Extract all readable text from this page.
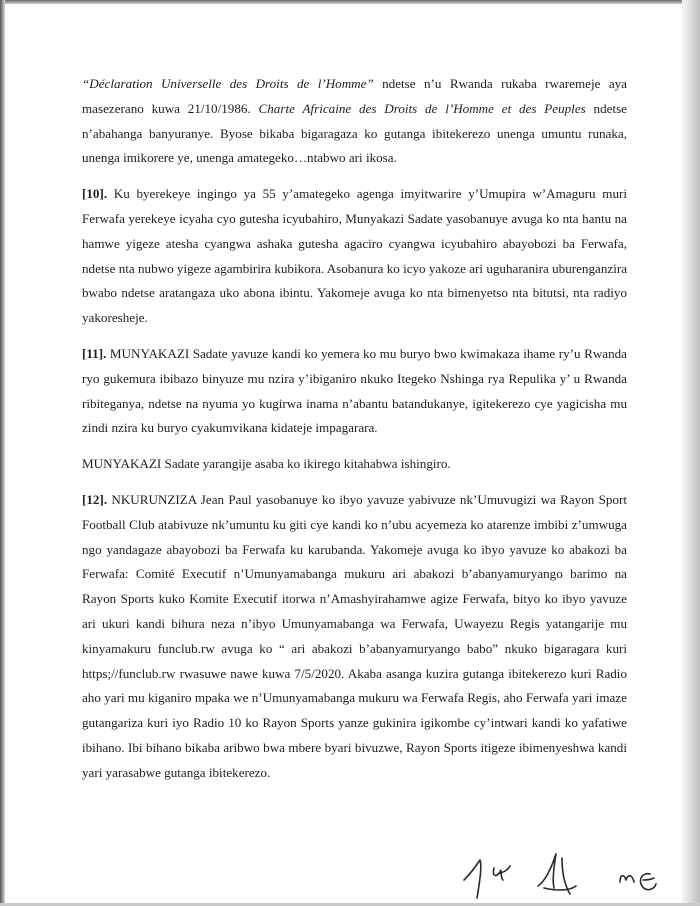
“Déclaration Universelle des Droits de l’Homme” ndetse n’u Rwanda rukaba rwaremeje aya masezerano kuwa 21/10/1986. Charte Africaine des Droits de l’Homme et des Peuples ndetse n’abahanga banyuranye. Byose bikaba bigaragaza ko gutanga ibitekerezo unenga umuntu runaka, unenga imikorere ye, unenga amategeko…ntabwo ari ikosa.

[10]. Ku byerekeye ingingo ya 55 y’amategeko agenga imyitwarire y’Umupira w’Amaguru muri Ferwafa yerekeye icyaha cyo gutesha icyubahiro, Munyakazi Sadate yasobanuye avuga ko nta hantu na hamwe yigeze atesha cyangwa ashaka gutesha agaciro cyangwa icyubahiro abayobozi ba Ferwafa, ndetse nta nubwo yigeze agambirira kubikora. Asobanura ko icyo yakoze ari uguharanira uburenganzira bwabo ndetse aratangaza uko abona ibintu. Yakomeje avuga ko nta bimenyetso nta bitutsi, nta radiyo yakoresheje.

[11]. MUNYAKAZI Sadate yavuze kandi ko yemera ko mu buryo bwo kwimakaza ihame ry’u Rwanda ryo gukemura ibibazo binyuze mu nzira y’ibiganiro nkuko Itegeko Nshinga rya Repulika y’ u Rwanda ribiteganya, ndetse na nyuma yo kugirwa inama n’abantu batandukanye, igitekerezo cye yagicisha mu zindi nzira ku buryo cyakumvikana kidateje impagarara.

MUNYAKAZI Sadate yarangije asaba ko ikirego kitahabwa ishingiro.

[12]. NKURUNZIZA Jean Paul yasobanuye ko ibyo yavuze yabivuze nk’Umuvugizi wa Rayon Sport Football Club atabivuze nk’umuntu ku giti cye kandi ko n’ubu acyemeza ko atarenze imbibi z’umwuga ngo yandagaze abayobozi ba Ferwafa ku karubanda. Yakomeje avuga ko ibyo yavuze ko abakozi ba Ferwafa: Comité Executif n’Umunyamabanga mukuru ari abakozi b’abanyamuryango barimo na Rayon Sports kuko Komite Executif itorwa n’Amashyirahamwe agize Ferwafa, bityo ko ibyo yavuze ari ukuri kandi bihura neza n’ibyo Umunyamabanga wa Ferwafa, Uwayezu Regis yatangarije mu kinyamakuru funclub.rw avuga ko “ ari abakozi b’abanyamuryango babo” nkuko bigaragara kuri https;//funclub.rw rwasuwe nawe kuwa 7/5/2020. Akaba asanga kuzira gutanga ibitekerezo kuri Radio aho yari mu kiganiro mpaka we n’Umunyamabanga mukuru wa Ferwafa Regis, aho Ferwafa yari imaze gutangariza kuri iyo Radio 10 ko Rayon Sports yanze gukinira igikombe cy’intwari kandi ko yafatiwe ibihano. Ibi bihano bikaba aribwo bwa mbere byari bivuzwe, Rayon Sports itigeze ibimenyeshwa kandi yari yarasabwe gutanga ibitekerezo.
